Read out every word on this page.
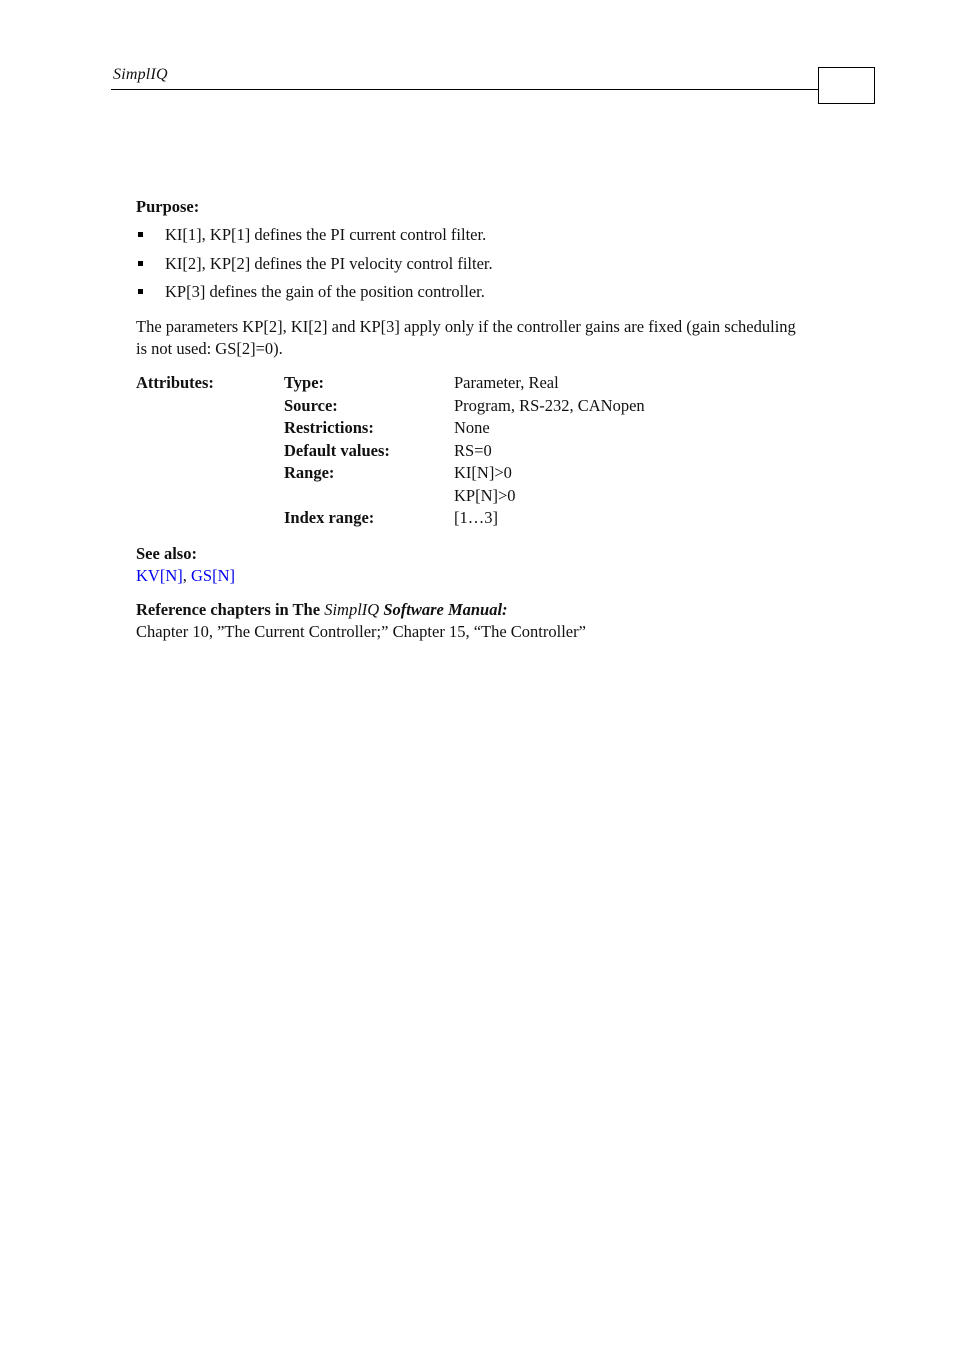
SimplIQ

Purpose:

KI[1], KP[1] defines the PI current control filter.
KI[2], KP[2] defines the PI velocity control filter.
KP[3] defines the gain of the position controller.

The parameters KP[2], KI[2] and KP[3] apply only if the controller gains are fixed (gain scheduling is not used: GS[2]=0).

Attributes:	Type:	Parameter, Real
	Source:	Program, RS-232, CANopen
	Restrictions:	None
	Default values:	RS=0
	Range:	KI[N]>0
		KP[N]>0
	Index range:	[1…3]
See also:
KV[N], GS[N]
Reference chapters in The SimplIQ Software Manual:
Chapter 10, ”The Current Controller;” Chapter 15, “The Controller”
